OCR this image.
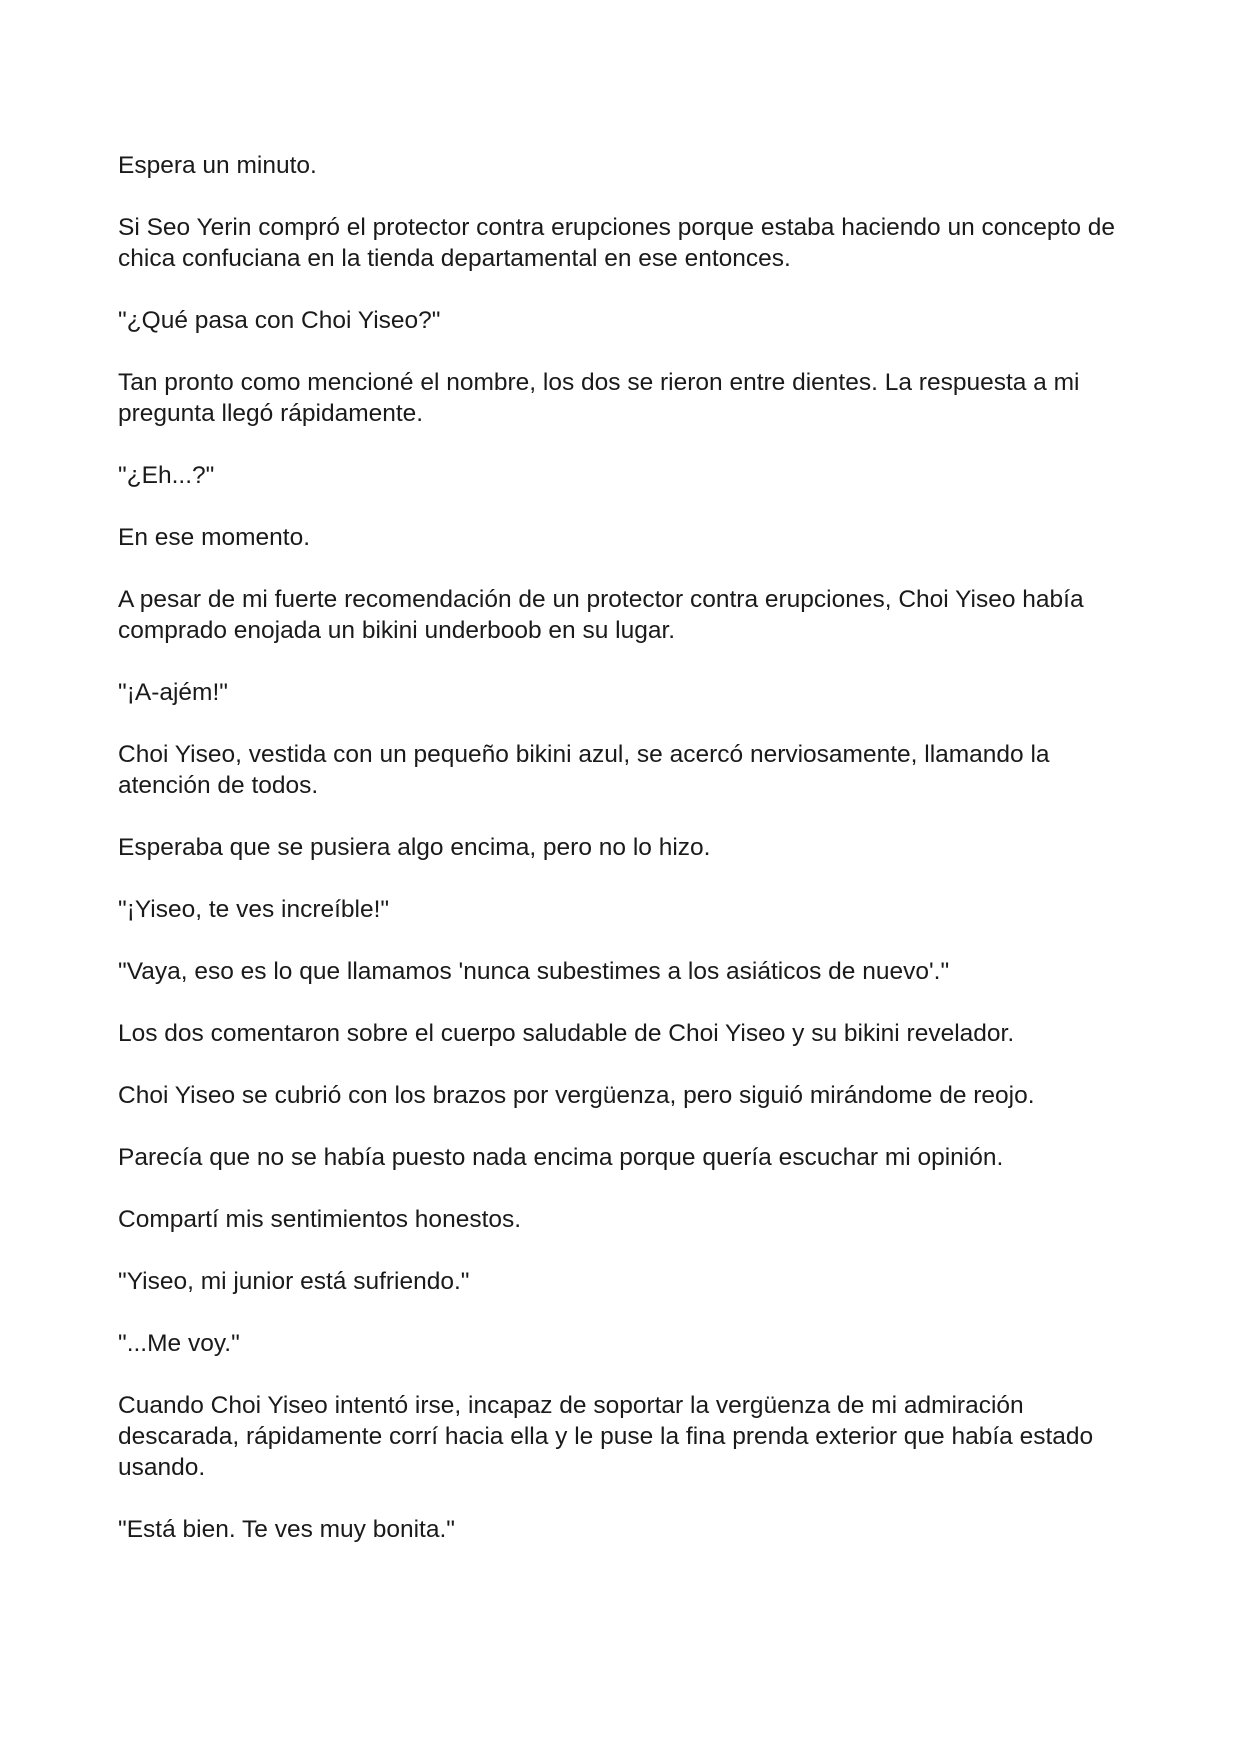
Espera un minuto.

Si Seo Yerin compró el protector contra erupciones porque estaba haciendo un concepto de chica confuciana en la tienda departamental en ese entonces.

"¿Qué pasa con Choi Yiseo?"

Tan pronto como mencioné el nombre, los dos se rieron entre dientes. La respuesta a mi pregunta llegó rápidamente.

"¿Eh...?"

En ese momento.

A pesar de mi fuerte recomendación de un protector contra erupciones, Choi Yiseo había comprado enojada un bikini underboob en su lugar.

"¡A-ajém!"

Choi Yiseo, vestida con un pequeño bikini azul, se acercó nerviosamente, llamando la atención de todos.

Esperaba que se pusiera algo encima, pero no lo hizo.

"¡Yiseo, te ves increíble!"

"Vaya, eso es lo que llamamos 'nunca subestimes a los asiáticos de nuevo'."

Los dos comentaron sobre el cuerpo saludable de Choi Yiseo y su bikini revelador.

Choi Yiseo se cubrió con los brazos por vergüenza, pero siguió mirándome de reojo.

Parecía que no se había puesto nada encima porque quería escuchar mi opinión.

Compartí mis sentimientos honestos.

"Yiseo, mi junior está sufriendo."

"...Me voy."

Cuando Choi Yiseo intentó irse, incapaz de soportar la vergüenza de mi admiración descarada, rápidamente corrí hacia ella y le puse la fina prenda exterior que había estado usando.

"Está bien. Te ves muy bonita."
